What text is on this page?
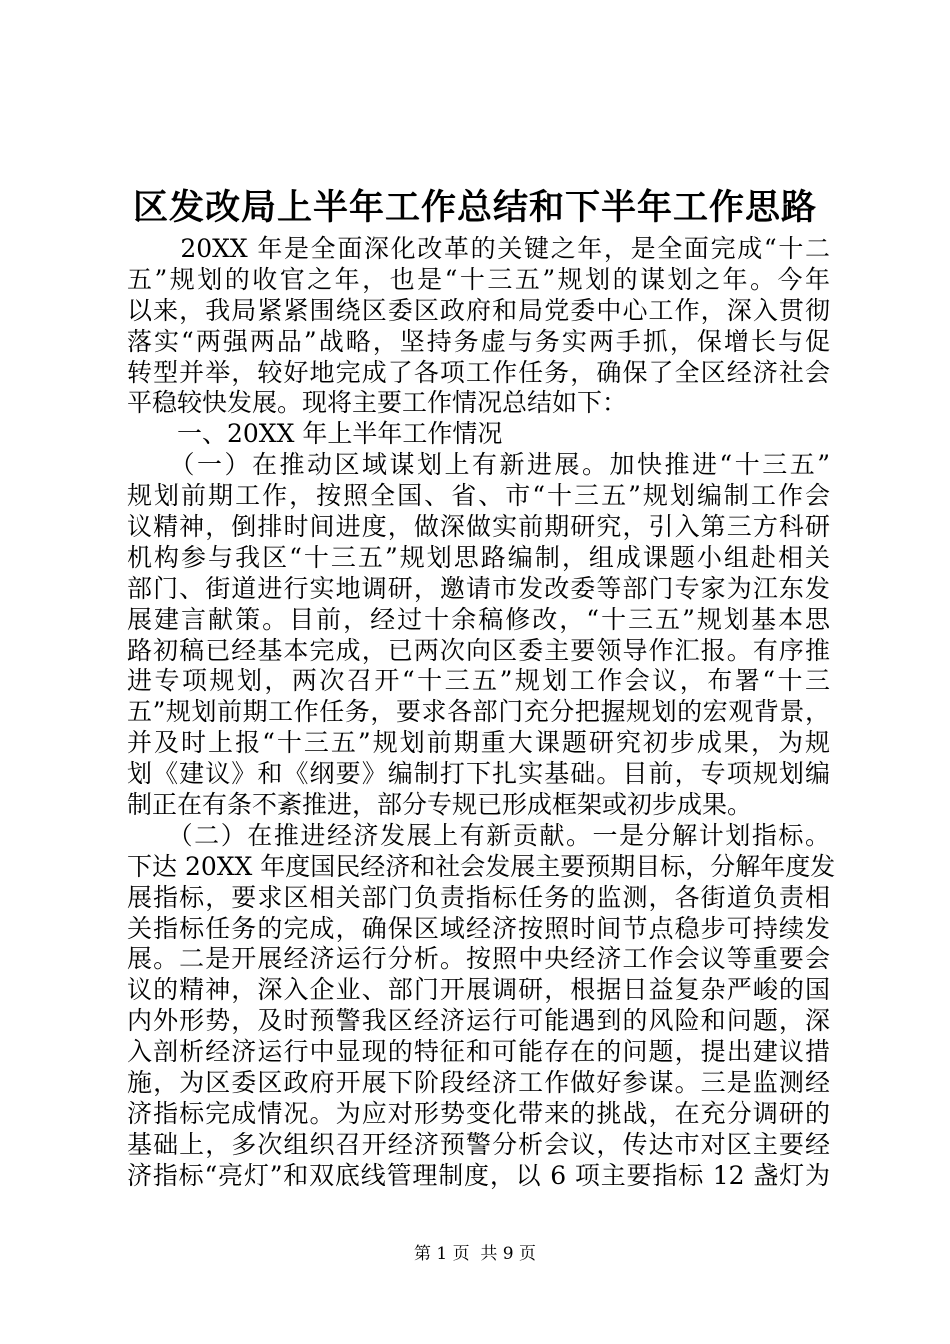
区发改局上半年工作总结和下半年工作思路
　　20XX 年是全面深化改革的关键之年，是全面完成“十二
五”规划的收官之年，也是“十三五”规划的谋划之年。今年
以来，我局紧紧围绕区委区政府和局党委中心工作，深入贯彻
落实“两强两品”战略，坚持务虚与务实两手抓，保增长与促
转型并举，较好地完成了各项工作任务，确保了全区经济社会
平稳较快发展。现将主要工作情况总结如下：
　　一、20XX 年上半年工作情况
　　（一）在推动区域谋划上有新进展。加快推进“十三五”
规划前期工作，按照全国、省、市“十三五”规划编制工作会
议精神，倒排时间进度，做深做实前期研究，引入第三方科研
机构参与我区“十三五”规划思路编制，组成课题小组赴相关
部门、街道进行实地调研，邀请市发改委等部门专家为江东发
展建言献策。目前，经过十余稿修改，“十三五”规划基本思
路初稿已经基本完成，已两次向区委主要领导作汇报。有序推
进专项规划，两次召开“十三五”规划工作会议，布署“十三
五”规划前期工作任务，要求各部门充分把握规划的宏观背景，
并及时上报“十三五”规划前期重大课题研究初步成果，为规
划《建议》和《纲要》编制打下扎实基础。目前，专项规划编
制正在有条不紊推进，部分专规已形成框架或初步成果。
　　（二）在推进经济发展上有新贡献。一是分解计划指标。
下达 20XX 年度国民经济和社会发展主要预期目标，分解年度发
展指标，要求区相关部门负责指标任务的监测，各街道负责相
关指标任务的完成，确保区域经济按照时间节点稳步可持续发
展。二是开展经济运行分析。按照中央经济工作会议等重要会
议的精神，深入企业、部门开展调研，根据日益复杂严峻的国
内外形势，及时预警我区经济运行可能遇到的风险和问题，深
入剖析经济运行中显现的特征和可能存在的问题，提出建议措
施，为区委区政府开展下阶段经济工作做好参谋。三是监测经
济指标完成情况。为应对形势变化带来的挑战，在充分调研的
基础上，多次组织召开经济预警分析会议，传达市对区主要经
济指标“亮灯”和双底线管理制度，以 6 项主要指标 12 盏灯为
第 1 页  共 9 页
